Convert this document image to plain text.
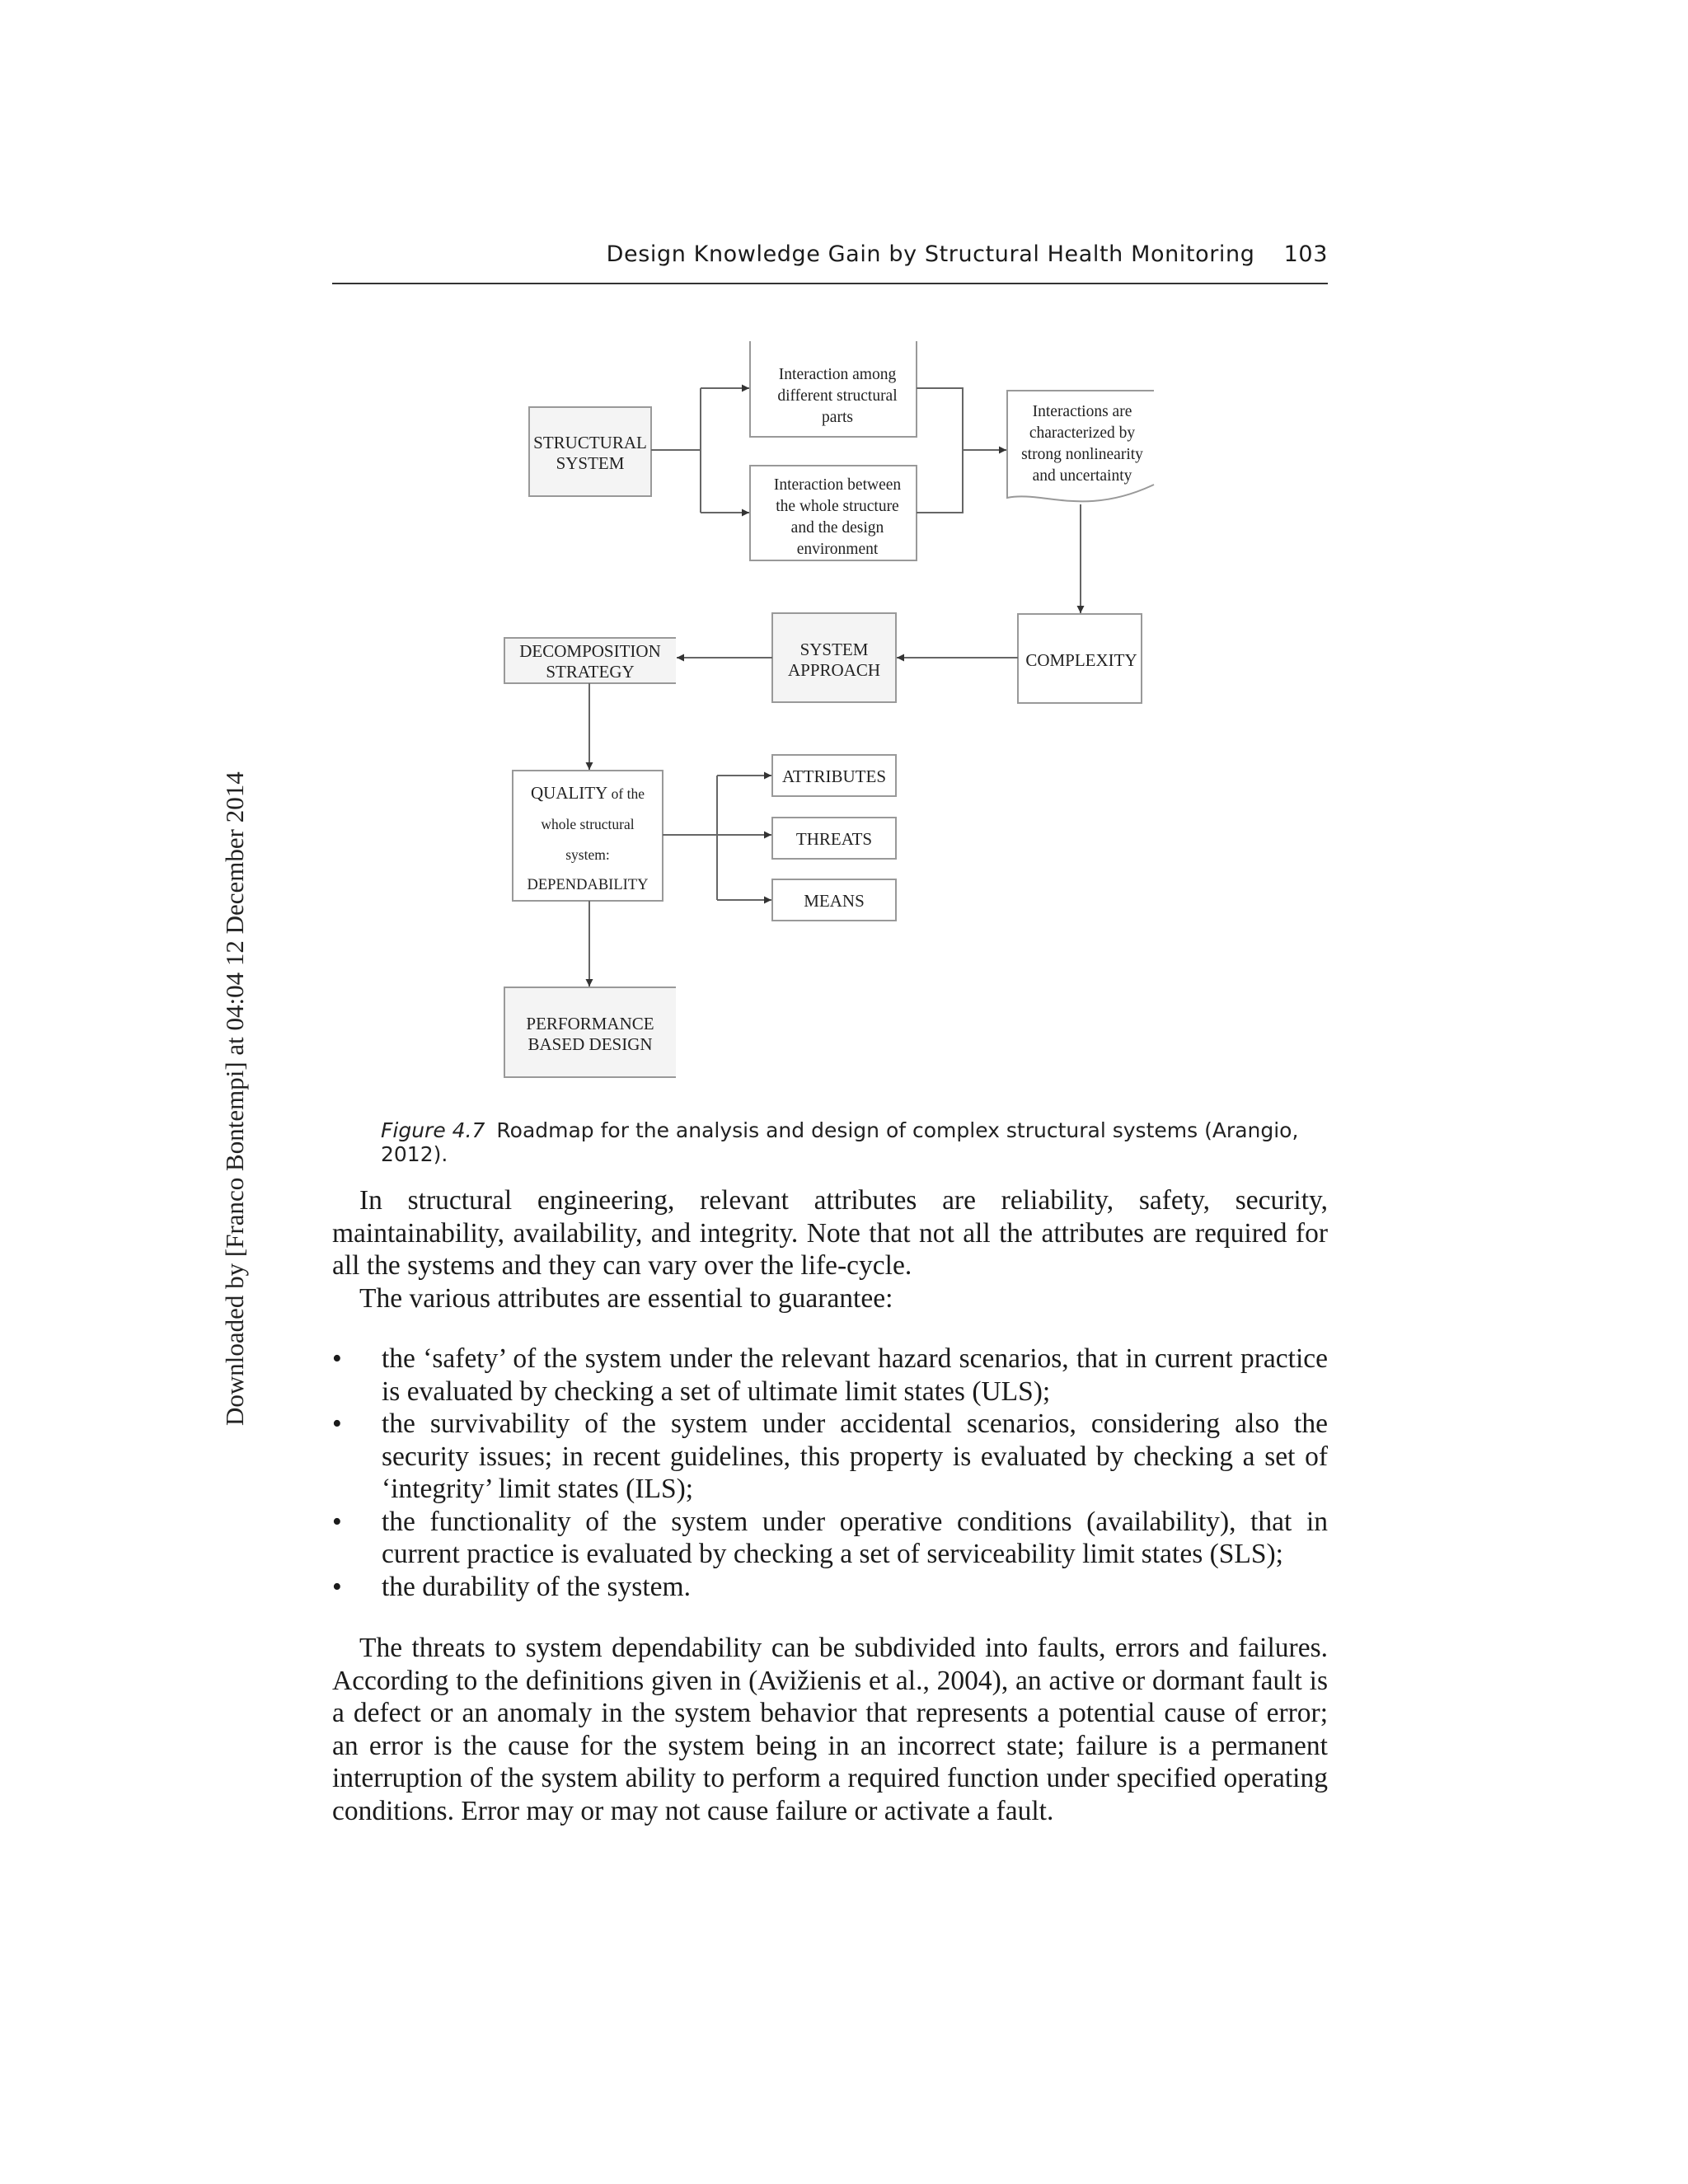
Design Knowledge Gain by Structural Health Monitoring 103
Downloaded by [Franco Bontempi] at 04:04 12 December 2014
STRUCTURAL SYSTEM
Interaction among different structural parts
Interaction between the whole structure and the design environment
Interactions are characterized by strong nonlinearity and uncertainty
COMPLEXITY
SYSTEM APPROACH
DECOMPOSITION STRATEGY
QUALITY of the whole structural system: DEPENDABILITY
ATTRIBUTES
THREATS
MEANS
PERFORMANCE BASED DESIGN
Figure 4.7 Roadmap for the analysis and design of complex structural systems (Arangio, 2012).

In structural engineering, relevant attributes are reliability, safety, security, maintainability, availability, and integrity. Note that not all the attributes are required for all the systems and they can vary over the life-cycle.

The various attributes are essential to guarantee:

• the ‘safety’ of the system under the relevant hazard scenarios, that in current practice is evaluated by checking a set of ultimate limit states (ULS);
• the survivability of the system under accidental scenarios, considering also the security issues; in recent guidelines, this property is evaluated by checking a set of ‘integrity’ limit states (ILS);
• the functionality of the system under operative conditions (availability), that in current practice is evaluated by checking a set of serviceability limit states (SLS);
• the durability of the system.

The threats to system dependability can be subdivided into faults, errors and failures. According to the definitions given in (Avižienis et al., 2004), an active or dormant fault is a defect or an anomaly in the system behavior that represents a potential cause of error; an error is the cause for the system being in an incorrect state; failure is a permanent interruption of the system ability to perform a required function under specified operating conditions. Error may or may not cause failure or activate a fault.
